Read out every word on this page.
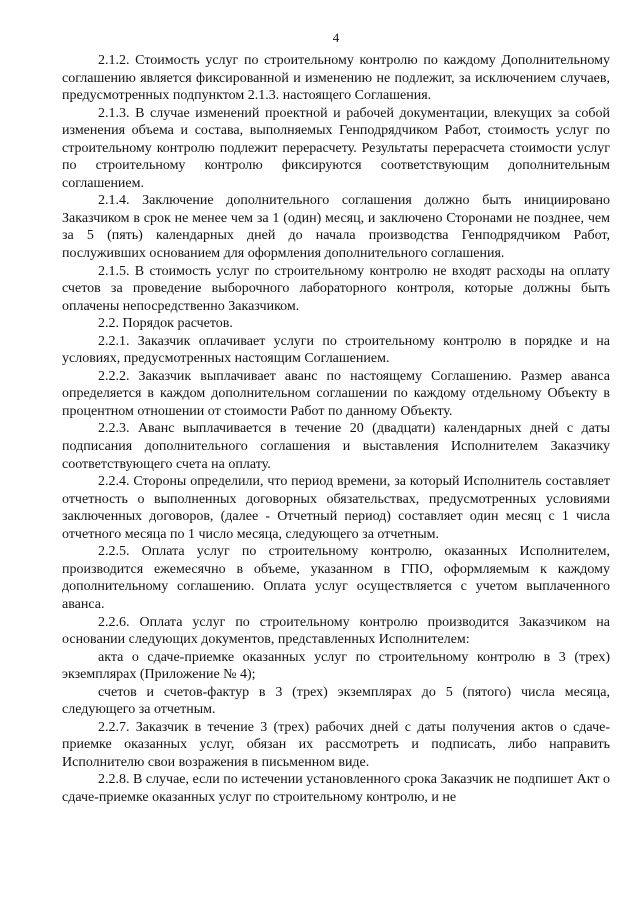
4

2.1.2. Стоимость услуг по строительному контролю по каждому Дополнительному соглашению является фиксированной и изменению не подлежит, за исключением случаев, предусмотренных подпунктом 2.1.3. настоящего Соглашения.

2.1.3. В случае изменений проектной и рабочей документации, влекущих за собой изменения объема и состава, выполняемых Генподрядчиком Работ, стоимость услуг по строительному контролю подлежит перерасчету. Результаты перерасчета стоимости услуг по строительному контролю фиксируются соответствующим дополнительным соглашением.

2.1.4. Заключение дополнительного соглашения должно быть инициировано Заказчиком в срок не менее чем за 1 (один) месяц, и заключено Сторонами не позднее, чем за 5 (пять) календарных дней до начала производства Генподрядчиком Работ, послуживших основанием для оформления дополнительного соглашения.

2.1.5. В стоимость услуг по строительному контролю не входят расходы на оплату счетов за проведение выборочного лабораторного контроля, которые должны быть оплачены непосредственно Заказчиком.

2.2. Порядок расчетов.

2.2.1. Заказчик оплачивает услуги по строительному контролю в порядке и на условиях, предусмотренных настоящим Соглашением.

2.2.2. Заказчик выплачивает аванс по настоящему Соглашению. Размер аванса определяется в каждом дополнительном соглашении по каждому отдельному Объекту в процентном отношении от стоимости Работ по данному Объекту.

2.2.3. Аванс выплачивается в течение 20 (двадцати) календарных дней с даты подписания дополнительного соглашения и выставления Исполнителем Заказчику соответствующего счета на оплату.

2.2.4. Стороны определили, что период времени, за который Исполнитель составляет отчетность о выполненных договорных обязательствах, предусмотренных условиями заключенных договоров, (далее - Отчетный период) составляет один месяц с 1 числа отчетного месяца по 1 число месяца, следующего за отчетным.

2.2.5. Оплата услуг по строительному контролю, оказанных Исполнителем, производится ежемесячно в объеме, указанном в ГПО, оформляемым к каждому дополнительному соглашению. Оплата услуг осуществляется с учетом выплаченного аванса.

2.2.6. Оплата услуг по строительному контролю производится Заказчиком на основании следующих документов, представленных Исполнителем:

акта о сдаче-приемке оказанных услуг по строительному контролю в 3 (трех) экземплярах (Приложение № 4);

счетов и счетов-фактур в 3 (трех) экземплярах до 5 (пятого) числа месяца, следующего за отчетным.

2.2.7. Заказчик в течение 3 (трех) рабочих дней с даты получения актов о сдаче-приемке оказанных услуг, обязан их рассмотреть и подписать, либо направить Исполнителю свои возражения в письменном виде.

2.2.8. В случае, если по истечении установленного срока Заказчик не подпишет Акт о сдаче-приемке оказанных услуг по строительному контролю, и не
